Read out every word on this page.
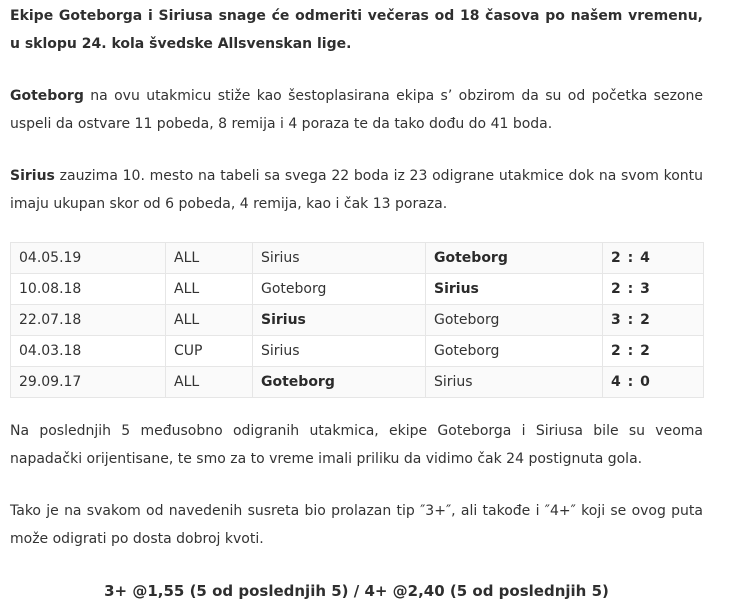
Ekipe Goteborga i Siriusa snage će odmeriti večeras od 18 časova po našem vremenu, u sklopu 24. kola švedske Allsvenskan lige.

Goteborg na ovu utakmicu stiže kao šestoplasirana ekipa s’ obzirom da su od početka sezone uspeli da ostvare 11 pobeda, 8 remija i 4 poraza te da tako dođu do 41 boda.

Sirius zauzima 10. mesto na tabeli sa svega 22 boda iz 23 odigrane utakmice dok na svom kontu imaju ukupan skor od 6 pobeda, 4 remija, kao i čak 13 poraza.

04.05.19	ALL	Sirius	Goteborg	2 : 4
10.08.18	ALL	Goteborg	Sirius	2 : 3
22.07.18	ALL	Sirius	Goteborg	3 : 2
04.03.18	CUP	Sirius	Goteborg	2 : 2
29.09.17	ALL	Goteborg	Sirius	4 : 0

Na poslednjih 5 međusobno odigranih utakmica, ekipe Goteborga i Siriusa bile su veoma napadački orijentisane, te smo za to vreme imali priliku da vidimo čak 24 postignuta gola.

Tako je na svakom od navedenih susreta bio prolazan tip ″3+″, ali takođe i ″4+″ koji se ovog puta može odigrati po dosta dobroj kvoti.

3+ @1,55 (5 od poslednjih 5) / 4+ @2,40 (5 od poslednjih 5)
